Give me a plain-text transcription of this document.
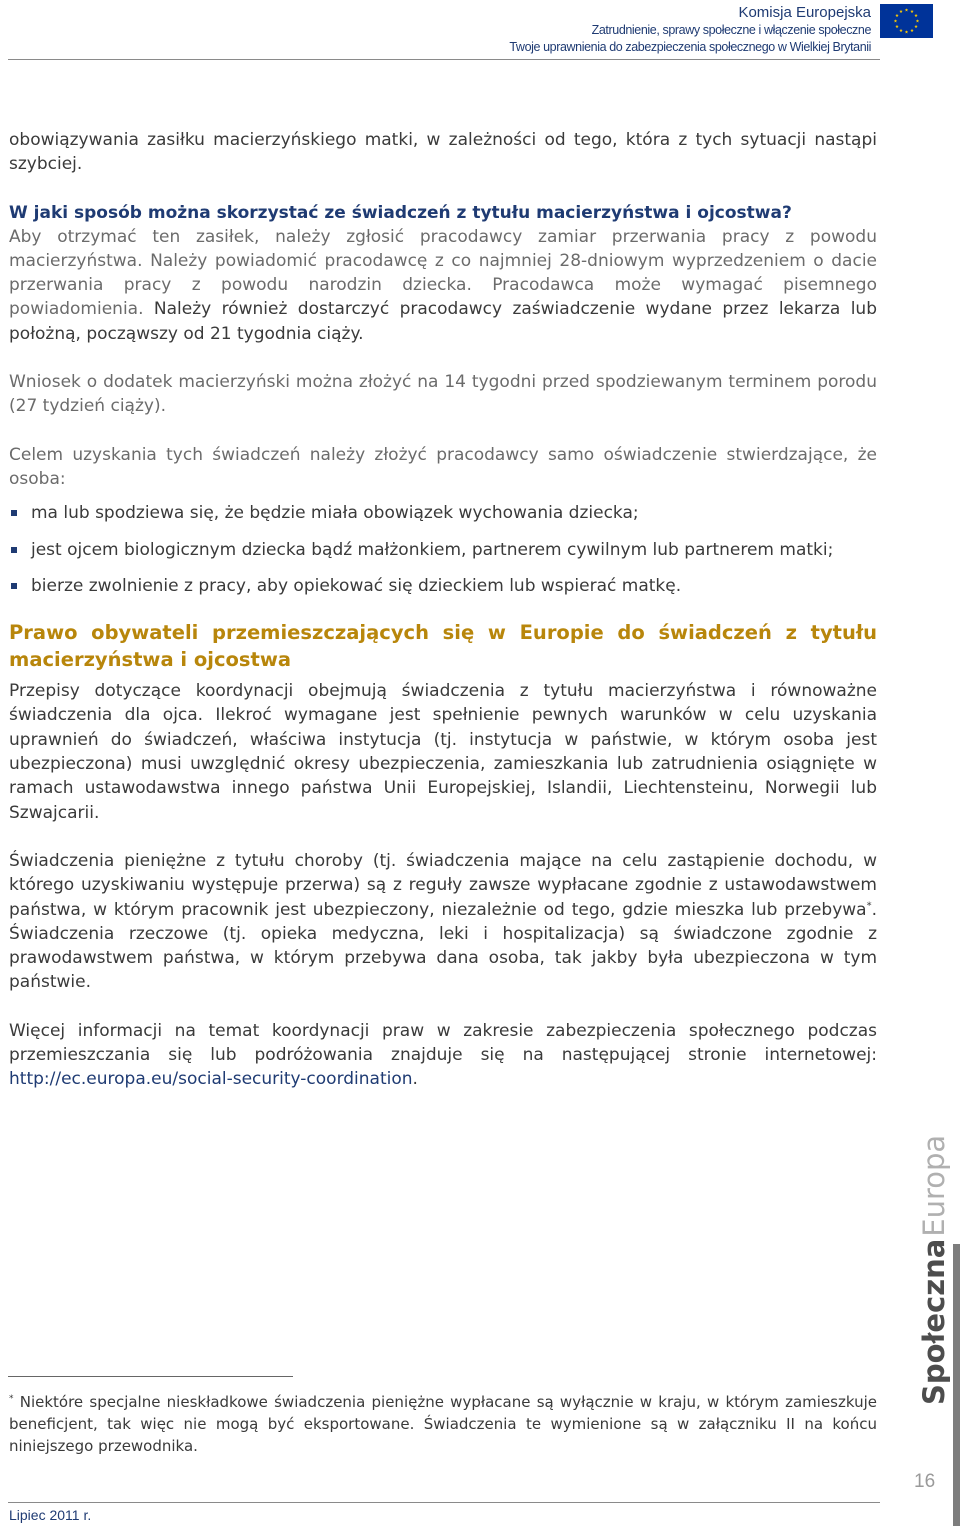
Komisja Europejska
Zatrudnienie, sprawy społeczne i włączenie społeczne
Twoje uprawnienia do zabezpieczenia społecznego w Wielkiej Brytanii

obowiązywania zasiłku macierzyńskiego matki, w zależności od tego, która z tych sytuacji nastąpi szybciej.

W jaki sposób można skorzystać ze świadczeń z tytułu macierzyństwa i ojcostwa?

Aby otrzymać ten zasiłek, należy zgłosić pracodawcy zamiar przerwania pracy z powodu macierzyństwa. Należy powiadomić pracodawcę z co najmniej 28-dniowym wyprzedzeniem o dacie przerwania pracy z powodu narodzin dziecka. Pracodawca może wymagać pisemnego powiadomienia. Należy również dostarczyć pracodawcy zaświadczenie wydane przez lekarza lub położną, począwszy od 21 tygodnia ciąży.

Wniosek o dodatek macierzyński można złożyć na 14 tygodni przed spodziewanym terminem porodu (27 tydzień ciąży).

Celem uzyskania tych świadczeń należy złożyć pracodawcy samo oświadczenie stwierdzające, że osoba:

ma lub spodziewa się, że będzie miała obowiązek wychowania dziecka;
jest ojcem biologicznym dziecka bądź małżonkiem, partnerem cywilnym lub partnerem matki;
bierze zwolnienie z pracy, aby opiekować się dzieckiem lub wspierać matkę.
Prawo obywateli przemieszczających się w Europie do świadczeń z tytułu macierzyństwa i ojcostwa

Przepisy dotyczące koordynacji obejmują świadczenia z tytułu macierzyństwa i równoważne świadczenia dla ojca. Ilekroć wymagane jest spełnienie pewnych warunków w celu uzyskania uprawnień do świadczeń, właściwa instytucja (tj. instytucja w państwie, w którym osoba jest ubezpieczona) musi uwzględnić okresy ubezpieczenia, zamieszkania lub zatrudnienia osiągnięte w ramach ustawodawstwa innego państwa Unii Europejskiej, Islandii, Liechtensteinu, Norwegii lub Szwajcarii.

Świadczenia pieniężne z tytułu choroby (tj. świadczenia mające na celu zastąpienie dochodu, w którego uzyskiwaniu występuje przerwa) są z reguły zawsze wypłacane zgodnie z ustawodawstwem państwa, w którym pracownik jest ubezpieczony, niezależnie od tego, gdzie mieszka lub przebywa*. Świadczenia rzeczowe (tj. opieka medyczna, leki i hospitalizacja) są świadczone zgodnie z prawodawstwem państwa, w którym przebywa dana osoba, tak jakby była ubezpieczona w tym państwie.

Więcej informacji na temat koordynacji praw w zakresie zabezpieczenia społecznego podczas przemieszczania się lub podróżowania znajduje się na następującej stronie internetowej: http://ec.europa.eu/social-security-coordination.

* Niektóre specjalne nieskładkowe świadczenia pieniężne wypłacane są wyłącznie w kraju, w którym zamieszkuje beneficjent, tak więc nie mogą być eksportowane. Świadczenia te wymienione są w załączniku II na końcu niniejszego przewodnika.

SpołecznaEuropa
16
Lipiec 2011 r.
